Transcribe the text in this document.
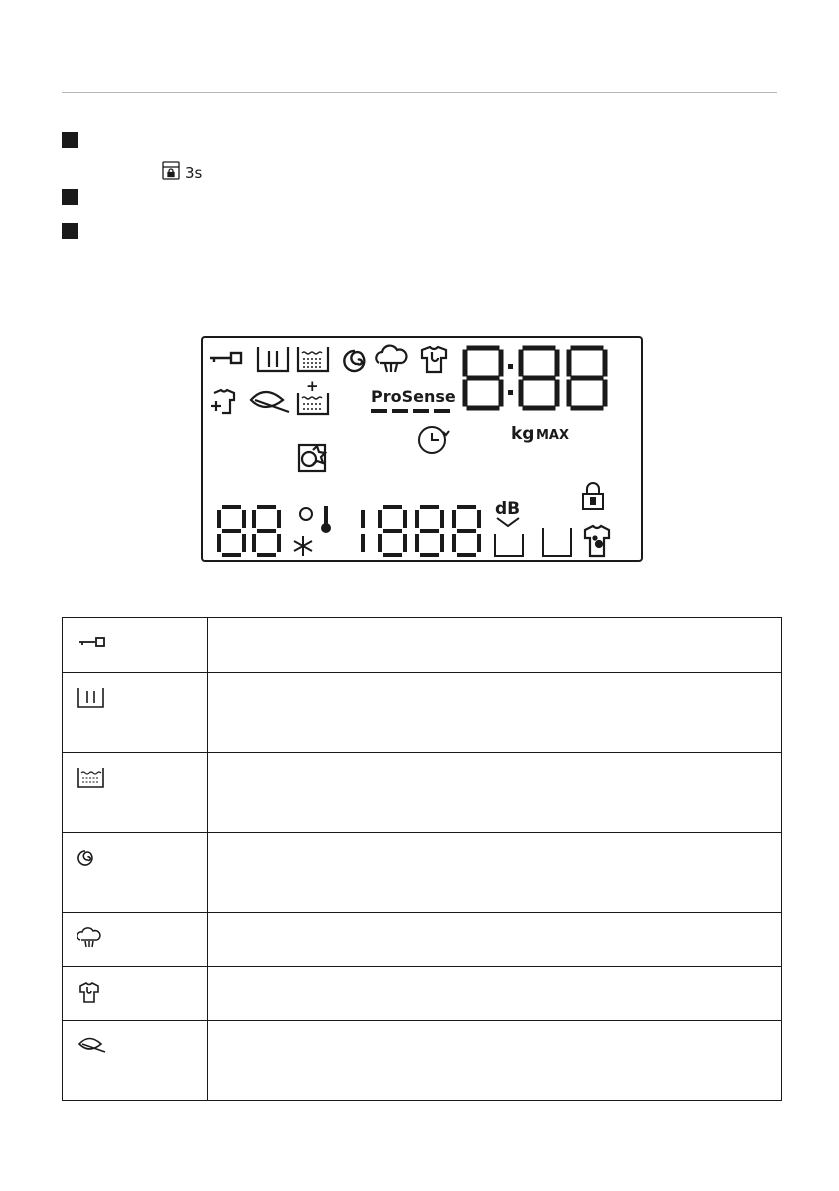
3s
+
ProSense
kg MAX
dB
